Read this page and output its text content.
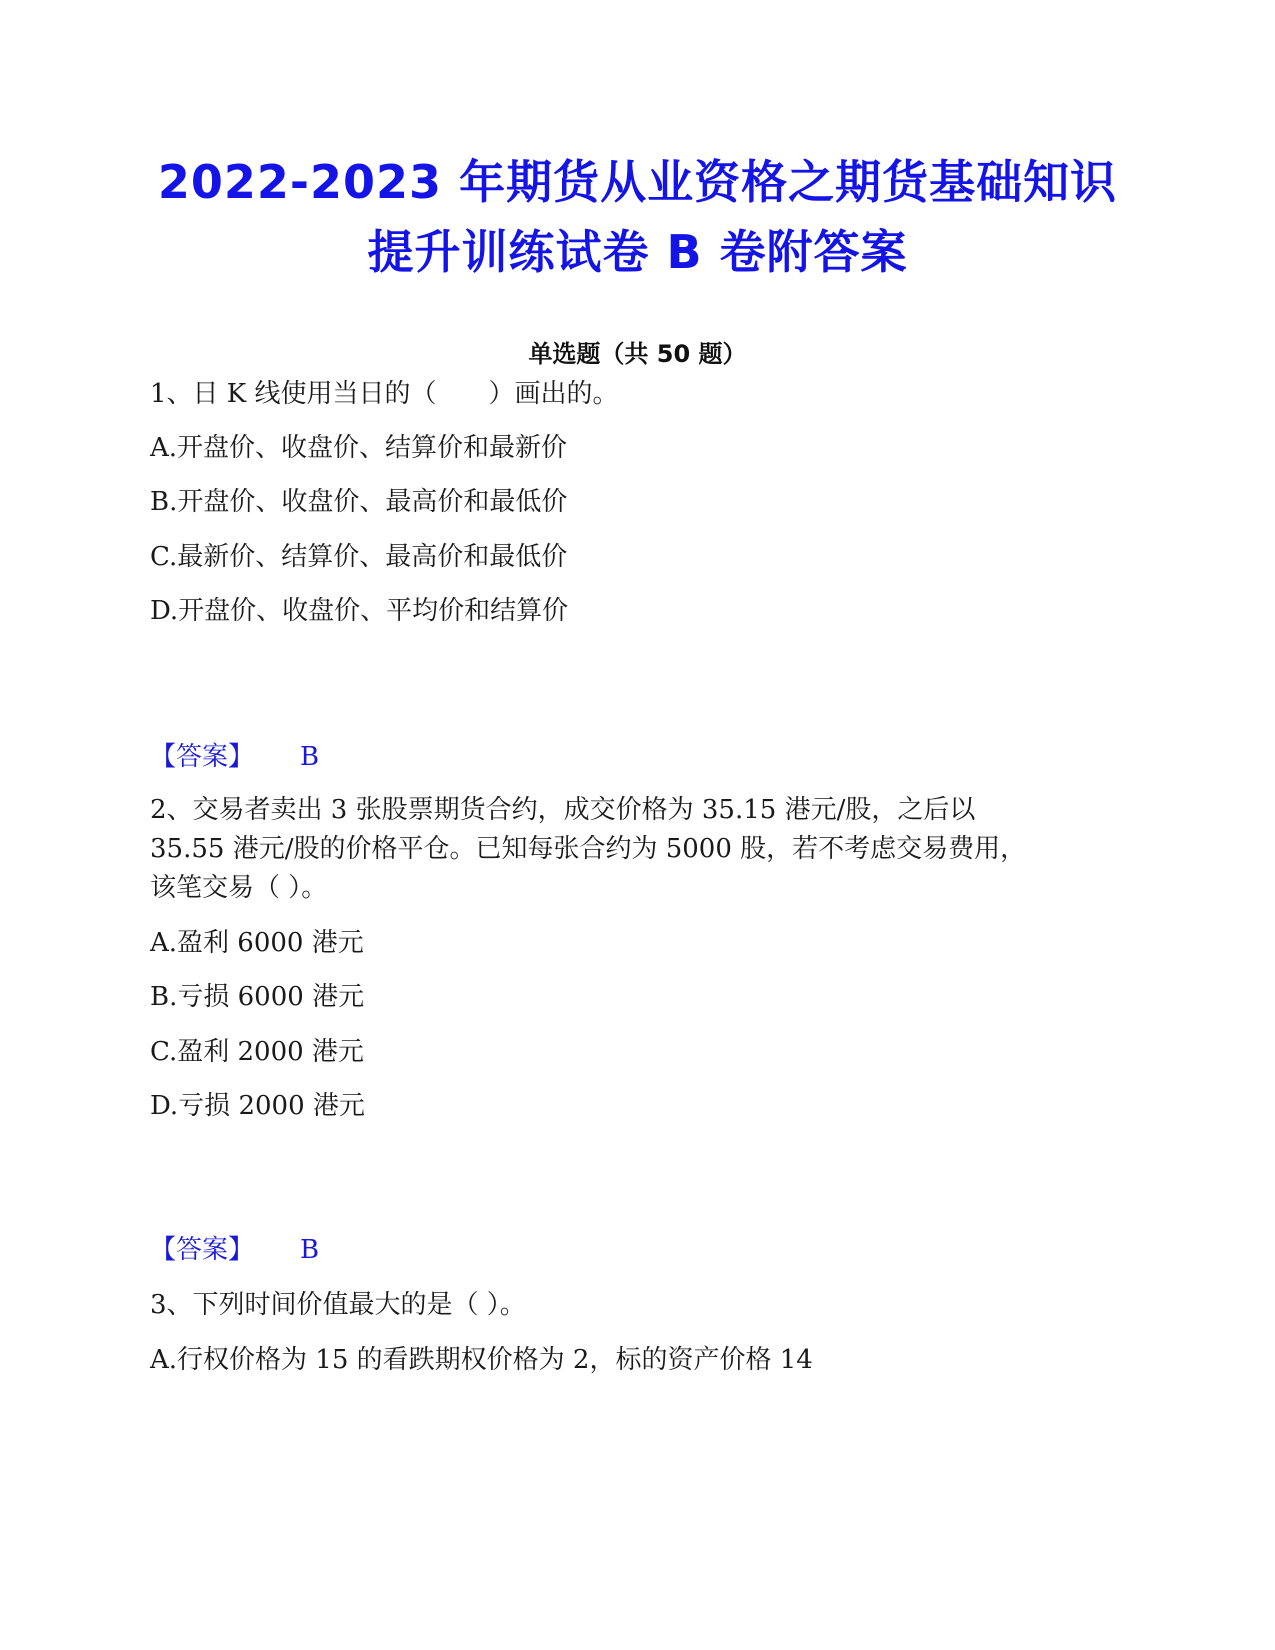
2022-2023 年期货从业资格之期货基础知识
提升训练试卷 B 卷附答案
单选题（共 50 题）
1、日 K 线使用当日的（　　）画出的。
A.开盘价、收盘价、结算价和最新价
B.开盘价、收盘价、最高价和最低价
C.最新价、结算价、最高价和最低价
D.开盘价、收盘价、平均价和结算价
【答案】 B
2、交易者卖出 3 张股票期货合约，成交价格为 35.15 港元/股，之后以
35.55 港元/股的价格平仓。已知每张合约为 5000 股，若不考虑交易费用，
该笔交易（ ）。
A.盈利 6000 港元
B.亏损 6000 港元
C.盈利 2000 港元
D.亏损 2000 港元
【答案】 B
3、下列时间价值最大的是（ ）。
A.行权价格为 15 的看跌期权价格为 2，标的资产价格 14
